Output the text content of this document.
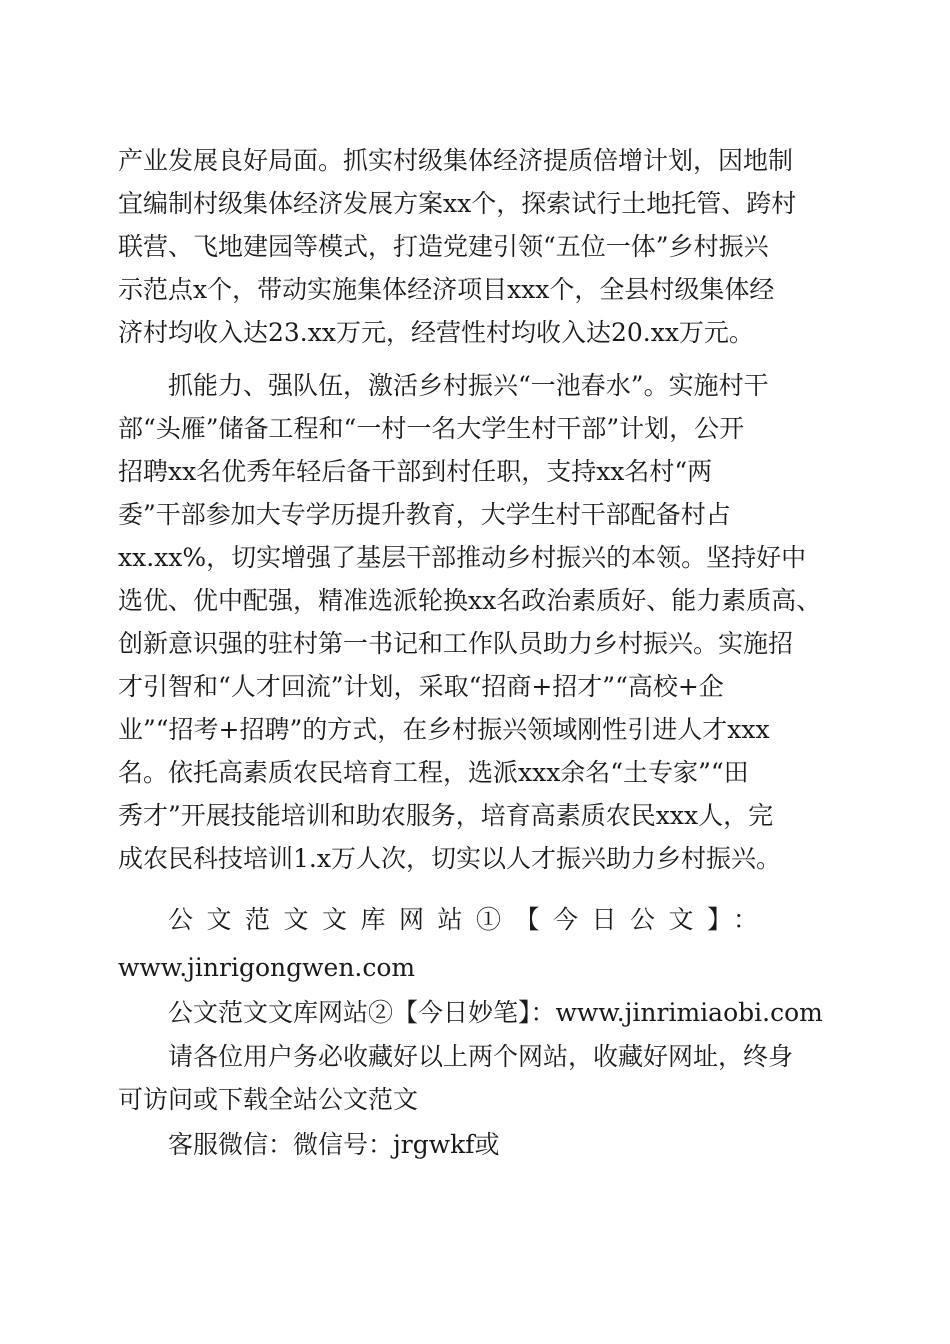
产业发展良好局面。抓实村级集体经济提质倍增计划，因地制
宜编制村级集体经济发展方案xx个，探索试行土地托管、跨村
联营、飞地建园等模式，打造党建引领“五位一体”乡村振兴
示范点x个，带动实施集体经济项目xxx个，全县村级集体经
济村均收入达23.xx万元，经营性村均收入达20.xx万元。
抓能力、强队伍，激活乡村振兴“一池春水”。实施村干
部“头雁”储备工程和“一村一名大学生村干部”计划，公开
招聘xx名优秀年轻后备干部到村任职，支持xx名村“两
委”干部参加大专学历提升教育，大学生村干部配备村占
xx.xx%，切实增强了基层干部推动乡村振兴的本领。坚持好中
选优、优中配强，精准选派轮换xx名政治素质好、能力素质高、
创新意识强的驻村第一书记和工作队员助力乡村振兴。实施招
才引智和“人才回流”计划，采取“招商+招才”“高校+企
业”“招考+招聘”的方式，在乡村振兴领域刚性引进人才xxx
名。依托高素质农民培育工程，选派xxx余名“土专家”“田
秀才”开展技能培训和助农服务，培育高素质农民xxx人，完
成农民科技培训1.x万人次，切实以人才振兴助力乡村振兴。
公文范文文库网站①【今日公文】：
www.jinrigongwen.com
公文范文文库网站②【今日妙笔】：www.jinrimiaobi.com
请各位用户务必收藏好以上两个网站，收藏好网址，终身
可访问或下载全站公文范文
客服微信：微信号：jrgwkf或
